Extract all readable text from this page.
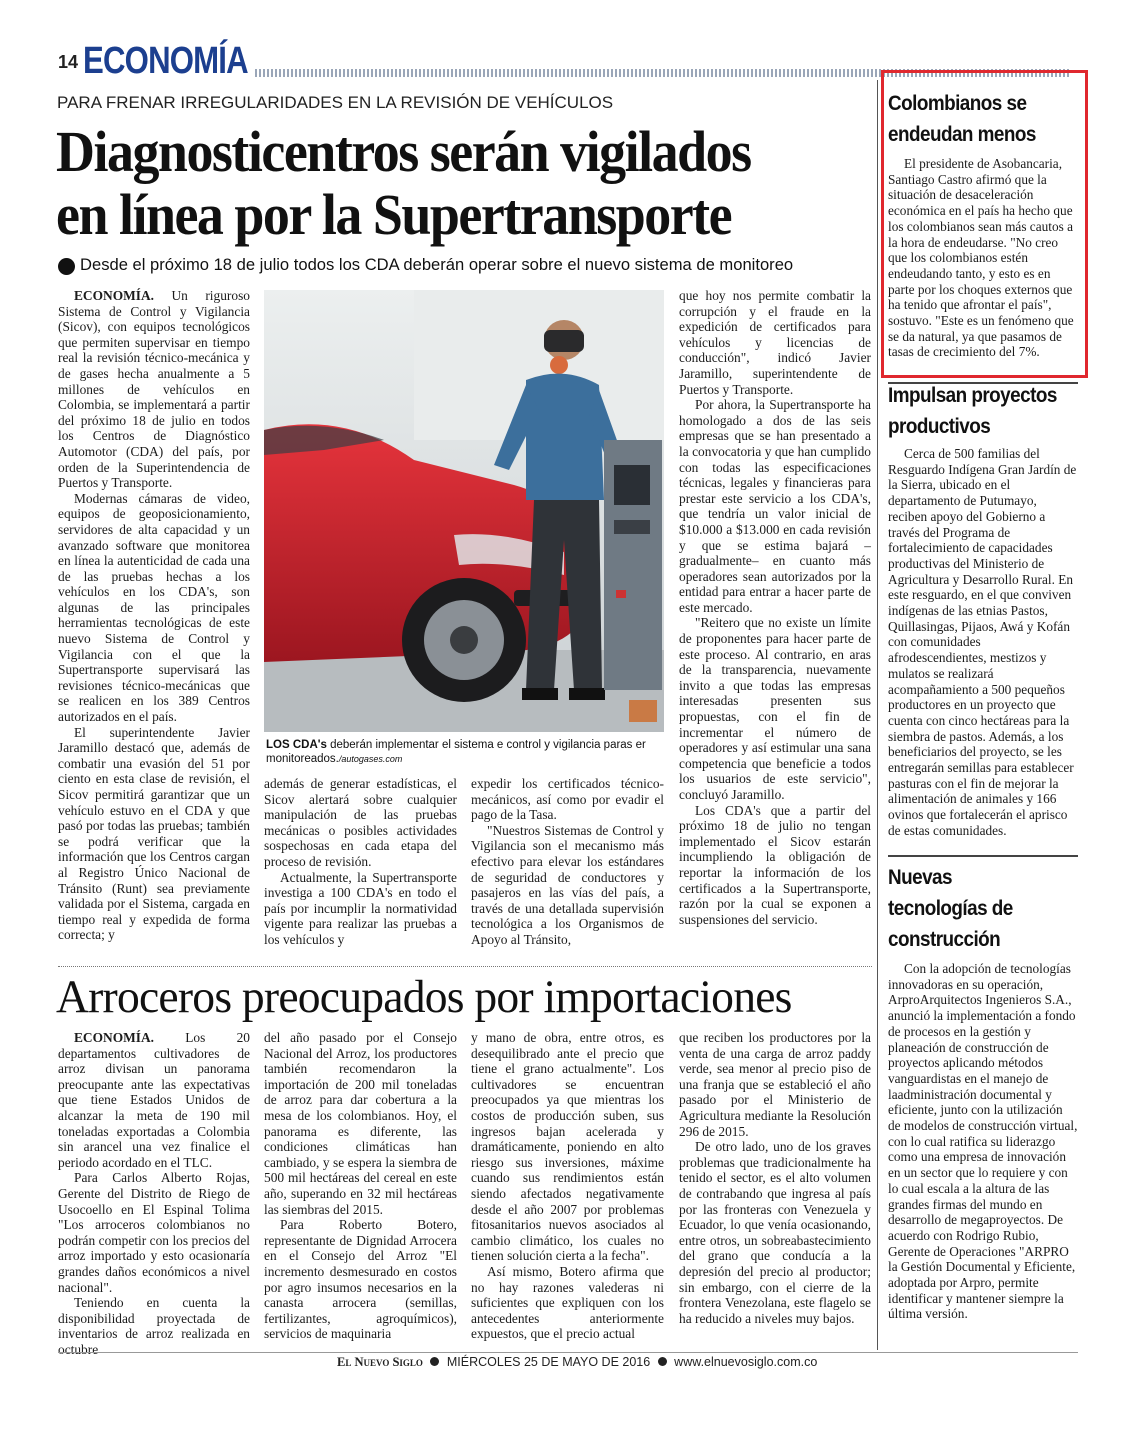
14 ECONOMÍA
PARA FRENAR IRREGULARIDADES EN LA REVISIÓN DE VEHÍCULOS
Diagnosticentros serán vigilados
en línea por la Supertransporte
Desde el próximo 18 de julio todos los CDA deberán operar sobre el nuevo sistema de monitoreo

ECONOMÍA. Un riguroso Sistema de Control y Vigilancia (Sicov), con equipos tecnológicos que permiten supervisar en tiempo real la revisión técnico-mecánica y de gases hecha anualmente a 5 millones de vehículos en Colombia, se implementará a partir del próximo 18 de julio en todos los Centros de Diagnóstico Automotor (CDA) del país, por orden de la Superintendencia de Puertos y Transporte.

Modernas cámaras de video, equipos de geoposicionamiento, servidores de alta capacidad y un avanzado software que monitorea en línea la autenticidad de cada una de las pruebas hechas a los vehículos en los CDA's, son algunas de las principales herramientas tecnológicas de este nuevo Sistema de Control y Vigilancia con el que la Supertransporte supervisará las revisiones técnico-mecánicas que se realicen en los 389 Centros autorizados en el país.

El superintendente Javier Jaramillo destacó que, además de combatir una evasión del 51 por ciento en esta clase de revisión, el Sicov permitirá garantizar que un vehículo estuvo en el CDA y que pasó por todas las pruebas; también se podrá verificar que la información que los Centros cargan al Registro Único Nacional de Tránsito (Runt) sea previamente validada por el Sistema, cargada en tiempo real y expedida de forma correcta; y

LOS CDA's deberán implementar el sistema e control y vigilancia paras er monitoreados./autogases.com

además de generar estadísticas, el Sicov alertará sobre cualquier manipulación de las pruebas mecánicas o posibles actividades sospechosas en cada etapa del proceso de revisión.

Actualmente, la Supertransporte investiga a 100 CDA's en todo el país por incumplir la normatividad vigente para realizar las pruebas a los vehículos y

expedir los certificados técnico-mecánicos, así como por evadir el pago de la Tasa.

"Nuestros Sistemas de Control y Vigilancia son el mecanismo más efectivo para elevar los estándares de seguridad de conductores y pasajeros en las vías del país, a través de una detallada supervisión tecnológica a los Organismos de Apoyo al Tránsito,

que hoy nos permite combatir la corrupción y el fraude en la expedición de certificados para vehículos y licencias de conducción", indicó Javier Jaramillo, superintendente de Puertos y Transporte.

Por ahora, la Supertransporte ha homologado a dos de las seis empresas que se han presentado a la convocatoria y que han cumplido con todas las especificaciones técnicas, legales y financieras para prestar este servicio a los CDA's, que tendría un valor inicial de $10.000 a $13.000 en cada revisión y que se estima bajará –gradualmente– en cuanto más operadores sean autorizados por la entidad para entrar a hacer parte de este mercado.

"Reitero que no existe un límite de proponentes para hacer parte de este proceso. Al contrario, en aras de la transparencia, nuevamente invito a que todas las empresas interesadas presenten sus propuestas, con el fin de incrementar el número de operadores y así estimular una sana competencia que beneficie a todos los usuarios de este servicio", concluyó Jaramillo.

Los CDA's que a partir del próximo 18 de julio no tengan implementado el Sicov estarán incumpliendo la obligación de reportar la información de los certificados a la Supertransporte, razón por la cual se exponen a suspensiones del servicio.

Arroceros preocupados por importaciones

ECONOMÍA. Los 20 departamentos cultivadores de arroz divisan un panorama preocupante ante las expectativas que tiene Estados Unidos de alcanzar la meta de 190 mil toneladas exportadas a Colombia sin arancel una vez finalice el periodo acordado en el TLC.

Para Carlos Alberto Rojas, Gerente del Distrito de Riego de Usocoello en El Espinal Tolima "Los arroceros colombianos no podrán competir con los precios del arroz importado y esto ocasionaría grandes daños económicos a nivel nacional".

Teniendo en cuenta la disponibilidad proyectada de inventarios de arroz realizada en octubre

del año pasado por el Consejo Nacional del Arroz, los productores también recomendaron la importación de 200 mil toneladas de arroz para dar cobertura a la mesa de los colombianos. Hoy, el panorama es diferente, las condiciones climáticas han cambiado, y se espera la siembra de 500 mil hectáreas del cereal en este año, superando en 32 mil hectáreas las siembras del 2015.

Para Roberto Botero, representante de Dignidad Arrocera en el Consejo del Arroz "El incremento desmesurado en costos por agro insumos necesarios en la canasta arrocera (semillas, fertilizantes, agroquímicos), servicios de maquinaria

y mano de obra, entre otros, es desequilibrado ante el precio que tiene el grano actualmente". Los cultivadores se encuentran preocupados ya que mientras los costos de producción suben, sus ingresos bajan acelerada y dramáticamente, poniendo en alto riesgo sus inversiones, máxime cuando sus rendimientos están siendo afectados negativamente desde el año 2007 por problemas fitosanitarios nuevos asociados al cambio climático, los cuales no tienen solución cierta a la fecha".

Así mismo, Botero afirma que no hay razones valederas ni suficientes que expliquen con los antecedentes anteriormente expuestos, que el precio actual

que reciben los productores por la venta de una carga de arroz paddy verde, sea menor al precio piso de una franja que se estableció el año pasado por el Ministerio de Agricultura mediante la Resolución 296 de 2015.

De otro lado, uno de los graves problemas que tradicionalmente ha tenido el sector, es el alto volumen de contrabando que ingresa al país por las fronteras con Venezuela y Ecuador, lo que venía ocasionando, entre otros, un sobreabastecimiento del grano que conducía a la depresión del precio al productor; sin embargo, con el cierre de la frontera Venezolana, este flagelo se ha reducido a niveles muy bajos.

Colombianos se endeudan menos

El presidente de Asobancaria, Santiago Castro afirmó que la situación de desaceleración económica en el país ha hecho que los colombianos sean más cautos a la hora de endeudarse. "No creo que los colombianos estén endeudando tanto, y esto es en parte por los choques externos que ha tenido que afrontar el país", sostuvo. "Este es un fenómeno que se da natural, ya que pasamos de tasas de crecimiento del 7%.

Impulsan proyectos productivos

Cerca de 500 familias del Resguardo Indígena Gran Jardín de la Sierra, ubicado en el departamento de Putumayo, reciben apoyo del Gobierno a través del Programa de fortalecimiento de capacidades productivas del Ministerio de Agricultura y Desarrollo Rural. En este resguardo, en el que conviven indígenas de las etnias Pastos, Quillasingas, Pijaos, Awá y Kofán con comunidades afrodescendientes, mestizos y mulatos se realizará acompañamiento a 500 pequeños productores en un proyecto que cuenta con cinco hectáreas para la siembra de pastos. Además, a los beneficiarios del proyecto, se les entregarán semillas para establecer pasturas con el fin de mejorar la alimentación de animales y 166 ovinos que fortalecerán el aprisco de estas comunidades.

Nuevas tecnologías de construcción

Con la adopción de tecnologías innovadoras en su operación, ArproArquitectos Ingenieros S.A., anunció la implementación a fondo de procesos en la gestión y planeación de construcción de proyectos aplicando métodos vanguardistas en el manejo de laadministración documental y eficiente, junto con la utilización de modelos de construcción virtual, con lo cual ratifica su liderazgo como una empresa de innovación en un sector que lo requiere y con lo cual escala a la altura de las grandes firmas del mundo en desarrollo de megaproyectos. De acuerdo con Rodrigo Rubio, Gerente de Operaciones "ARPRO la Gestión Documental y Eficiente, adoptada por Arpro, permite identificar y mantener siempre la última versión.

El Nuevo Siglo MIÉRCOLES 25 DE MAYO DE 2016 www.elnuevosiglo.com.co
